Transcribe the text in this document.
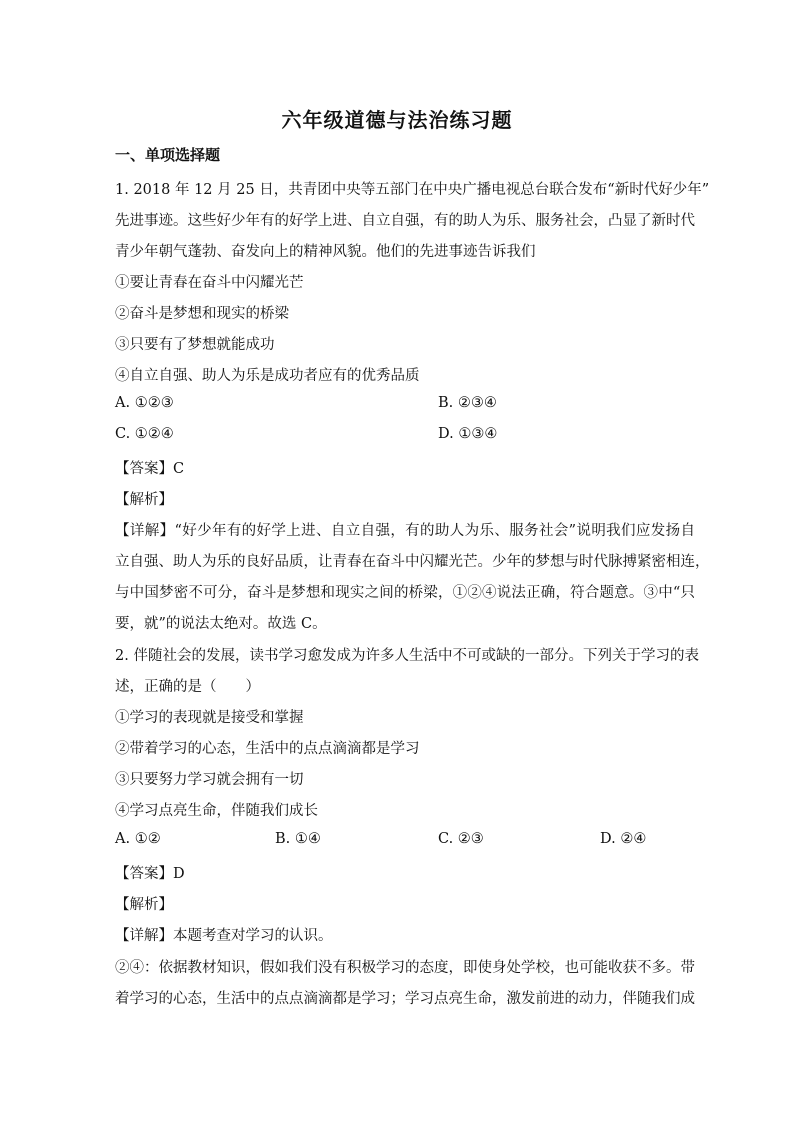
六年级道德与法治练习题
一、单项选择题
1. 2018 年 12 月 25 日，共青团中央等五部门在中央广播电视总台联合发布“新时代好少年”
先进事迹。这些好少年有的好学上进、自立自强，有的助人为乐、服务社会，凸显了新时代
青少年朝气蓬勃、奋发向上的精神风貌。他们的先进事迹告诉我们
①要让青春在奋斗中闪耀光芒
②奋斗是梦想和现实的桥梁
③只要有了梦想就能成功
④自立自强、助人为乐是成功者应有的优秀品质
A. ①②③	B. ②③④
C. ①②④	D. ①③④
【答案】C
【解析】
【详解】“好少年有的好学上进、自立自强，有的助人为乐、服务社会”说明我们应发扬自
立自强、助人为乐的良好品质，让青春在奋斗中闪耀光芒。少年的梦想与时代脉搏紧密相连，
与中国梦密不可分，奋斗是梦想和现实之间的桥梁，①②④说法正确，符合题意。③中“只
要，就”的说法太绝对。故选 C。
2. 伴随社会的发展，读书学习愈发成为许多人生活中不可或缺的一部分。下列关于学习的表
述，正确的是（　　）
①学习的表现就是接受和掌握
②带着学习的心态，生活中的点点滴滴都是学习
③只要努力学习就会拥有一切
④学习点亮生命，伴随我们成长
A. ①②	B. ①④	C. ②③	D. ②④
【答案】D
【解析】
【详解】本题考查对学习的认识。
②④：依据教材知识，假如我们没有积极学习的态度，即使身处学校，也可能收获不多。带
着学习的心态，生活中的点点滴滴都是学习；学习点亮生命，激发前进的动力，伴随我们成
